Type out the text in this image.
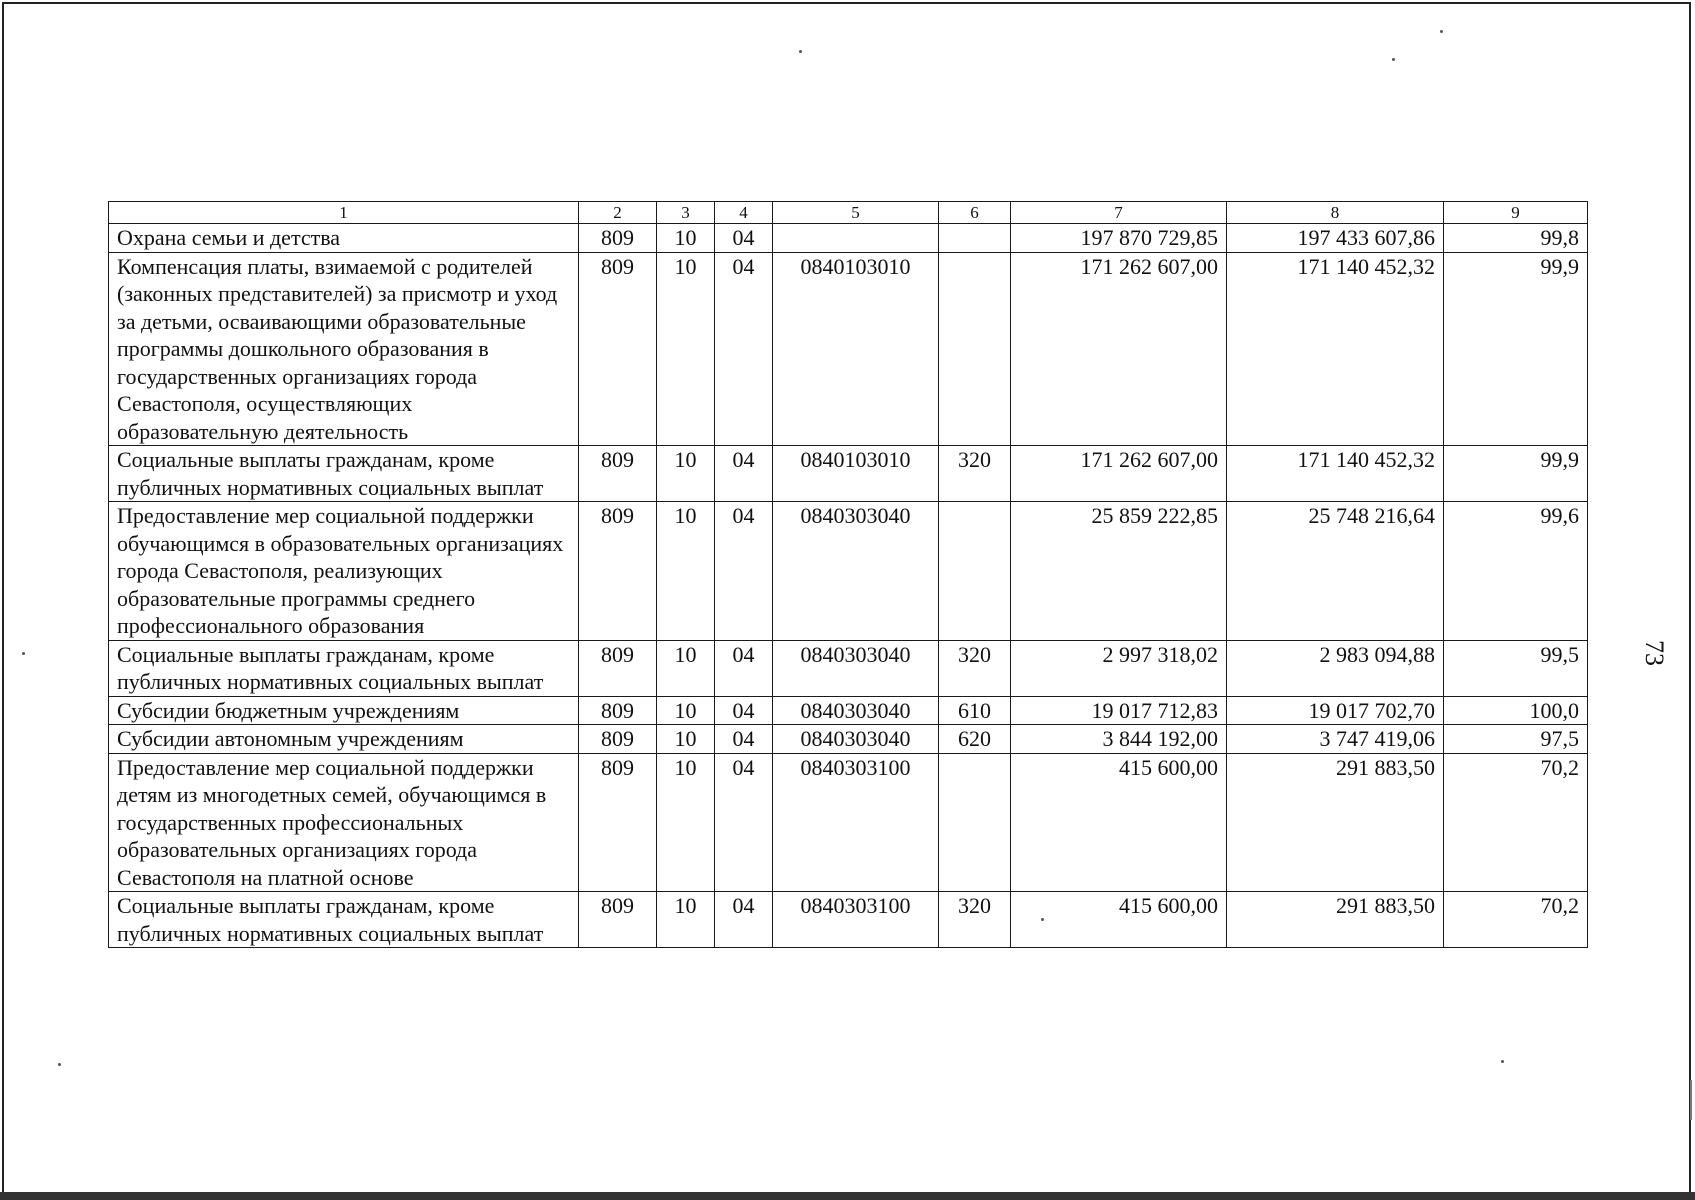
1	2	3	4	5	6	7	8	9
Охрана семьи и детства	809	10	04			197 870 729,85	197 433 607,86	99,8
Компенсация платы, взимаемой с родителей (законных представителей) за присмотр и уход за детьми, осваивающими образовательные программы дошкольного образования в государственных организациях города Севастополя, осуществляющих образовательную деятельность	809	10	04	0840103010		171 262 607,00	171 140 452,32	99,9
Социальные выплаты гражданам, кроме публичных нормативных социальных выплат	809	10	04	0840103010	320	171 262 607,00	171 140 452,32	99,9
Предоставление мер социальной поддержки обучающимся в образовательных организациях города Севастополя, реализующих образовательные программы среднего профессионального образования	809	10	04	0840303040		25 859 222,85	25 748 216,64	99,6
Социальные выплаты гражданам, кроме публичных нормативных социальных выплат	809	10	04	0840303040	320	2 997 318,02	2 983 094,88	99,5
Субсидии бюджетным учреждениям	809	10	04	0840303040	610	19 017 712,83	19 017 702,70	100,0
Субсидии автономным учреждениям	809	10	04	0840303040	620	3 844 192,00	3 747 419,06	97,5
Предоставление мер социальной поддержки детям из многодетных семей, обучающимся в государственных профессиональных образовательных организациях города Севастополя на платной основе	809	10	04	0840303100		415 600,00	291 883,50	70,2
Социальные выплаты гражданам, кроме публичных нормативных социальных выплат	809	10	04	0840303100	320	415 600,00	291 883,50	70,2
73
